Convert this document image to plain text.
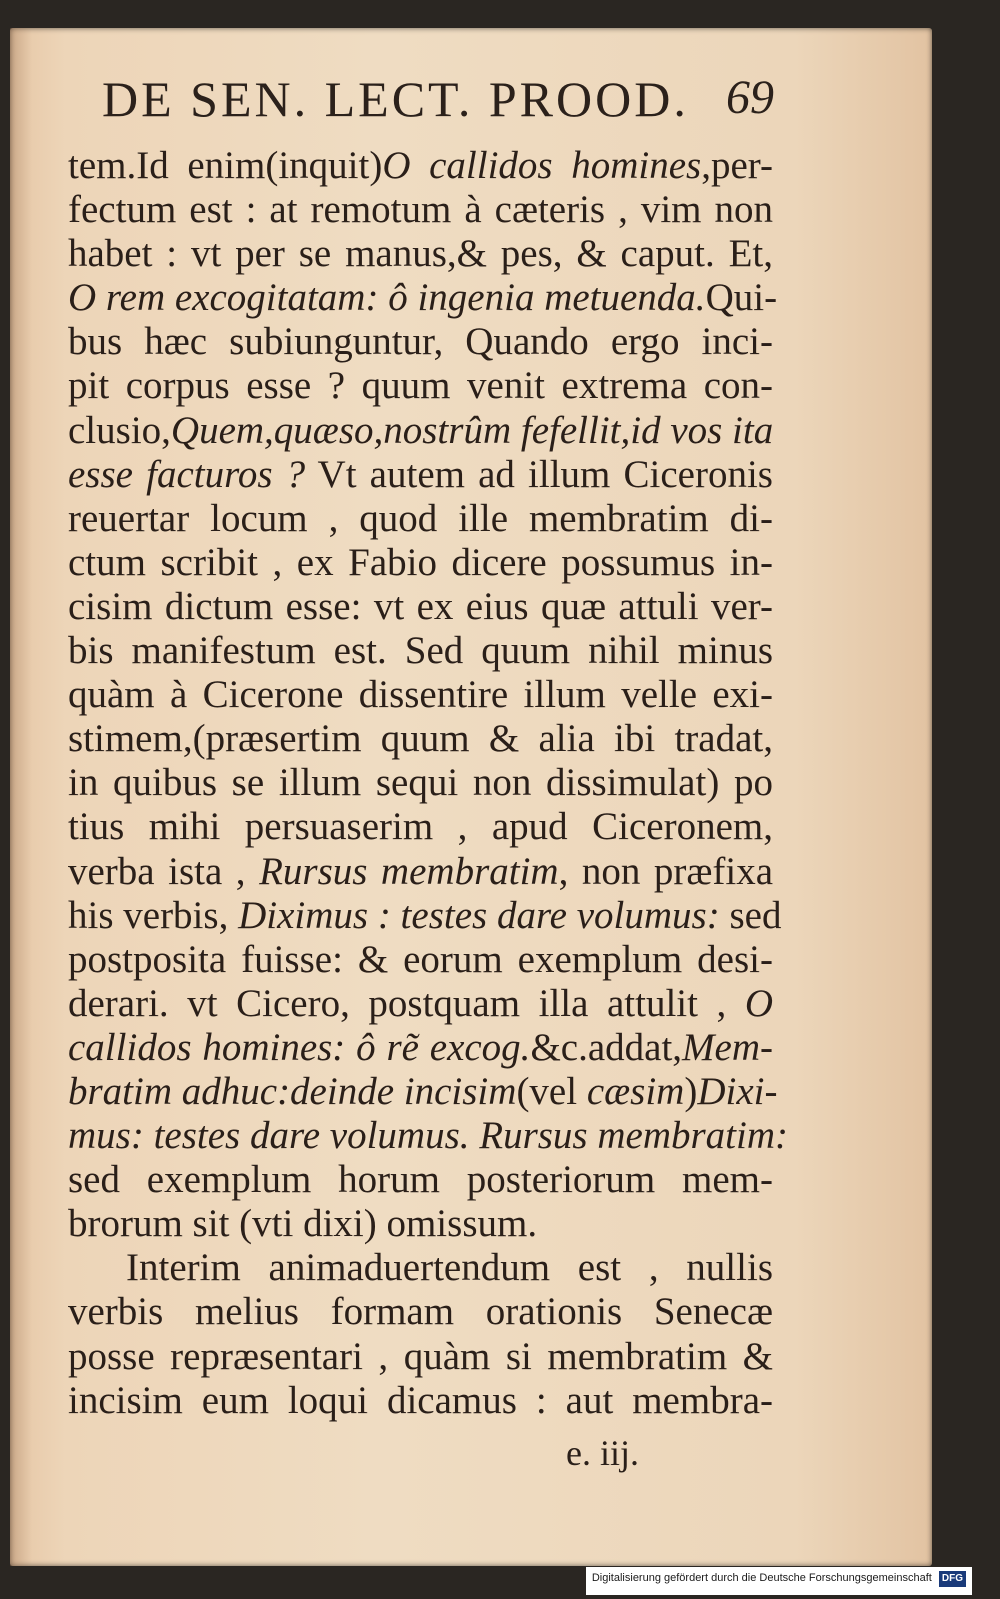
DE SEN. LECT. PROOD. 69
tem.Id enim(inquit)O callidos homines,per-
fectum est : at remotum à cæteris , vim non
habet : vt per se manus,& pes, & caput. Et,
O rem excogitatam: ô ingenia metuenda.Qui-
bus hæc subiunguntur, Quando ergo inci-
pit corpus esse ? quum venit extrema con-
clusio,Quem,quæso,nostrûm fefellit,id vos ita
esse facturos ? Vt autem ad illum Ciceronis
reuertar locum , quod ille membratim di-
ctum scribit , ex Fabio dicere possumus in-
cisim dictum esse: vt ex eius quæ attuli ver-
bis manifestum est. Sed quum nihil minus
quàm à Cicerone dissentire illum velle exi-
stimem,(præsertim quum & alia ibi tradat,
in quibus se illum sequi non dissimulat) po
tius mihi persuaserim , apud Ciceronem,
verba ista , Rursus membratim, non præfixa
his verbis, Diximus : testes dare volumus: sed
postposita fuisse: & eorum exemplum desi-
derari. vt Cicero, postquam illa attulit , O
callidos homines: ô rẽ excog.&c.addat,Mem-
bratim adhuc:deinde incisim(vel cæsim)Dixi-
mus: testes dare volumus. Rursus membratim:
sed exemplum horum posteriorum mem-
brorum sit (vti dixi) omissum.
Interim animaduertendum est , nullis
verbis melius formam orationis Senecæ
posse repræsentari , quàm si membratim &
incisim eum loqui dicamus : aut membra-
e. iij.
Digitalisierung gefördert durch die Deutsche Forschungsgemeinschaft DFG
